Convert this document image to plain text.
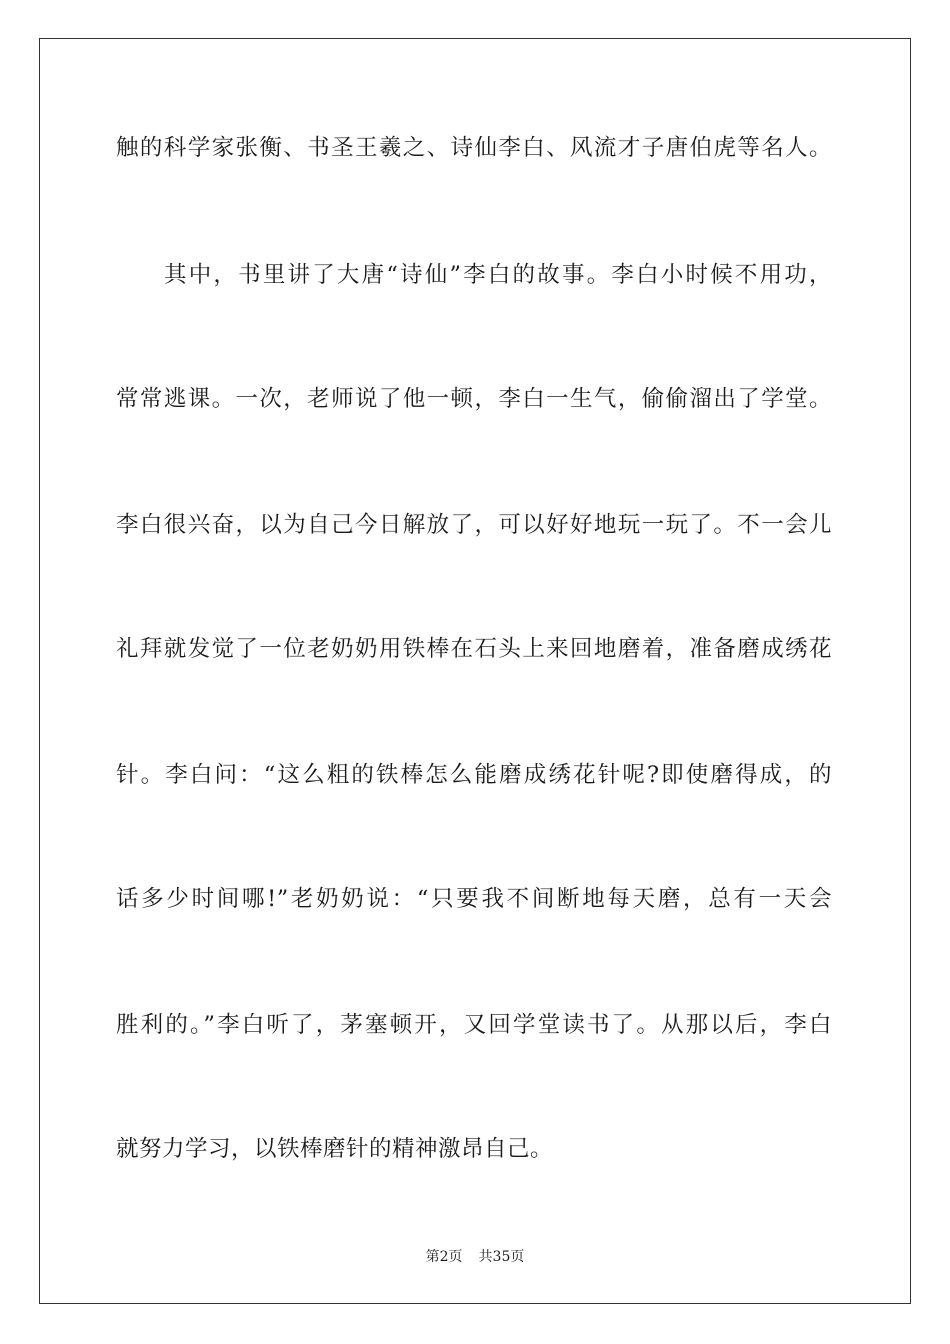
触的科学家张衡、书圣王羲之、诗仙李白、风流才子唐伯虎等名人。
其中，书里讲了大唐“诗仙”李白的故事。李白小时候不用功，
常常逃课。一次，老师说了他一顿，李白一生气，偷偷溜出了学堂。
李白很兴奋，以为自己今日解放了，可以好好地玩一玩了。不一会儿
礼拜就发觉了一位老奶奶用铁棒在石头上来回地磨着，准备磨成绣花
针。李白问：“这么粗的铁棒怎么能磨成绣花针呢?即使磨得成，的
话多少时间哪!”老奶奶说：“只要我不间断地每天磨，总有一天会
胜利的。”李白听了，茅塞顿开，又回学堂读书了。从那以后，李白
就努力学习，以铁棒磨针的精神激昂自己。
第2页 共35页
